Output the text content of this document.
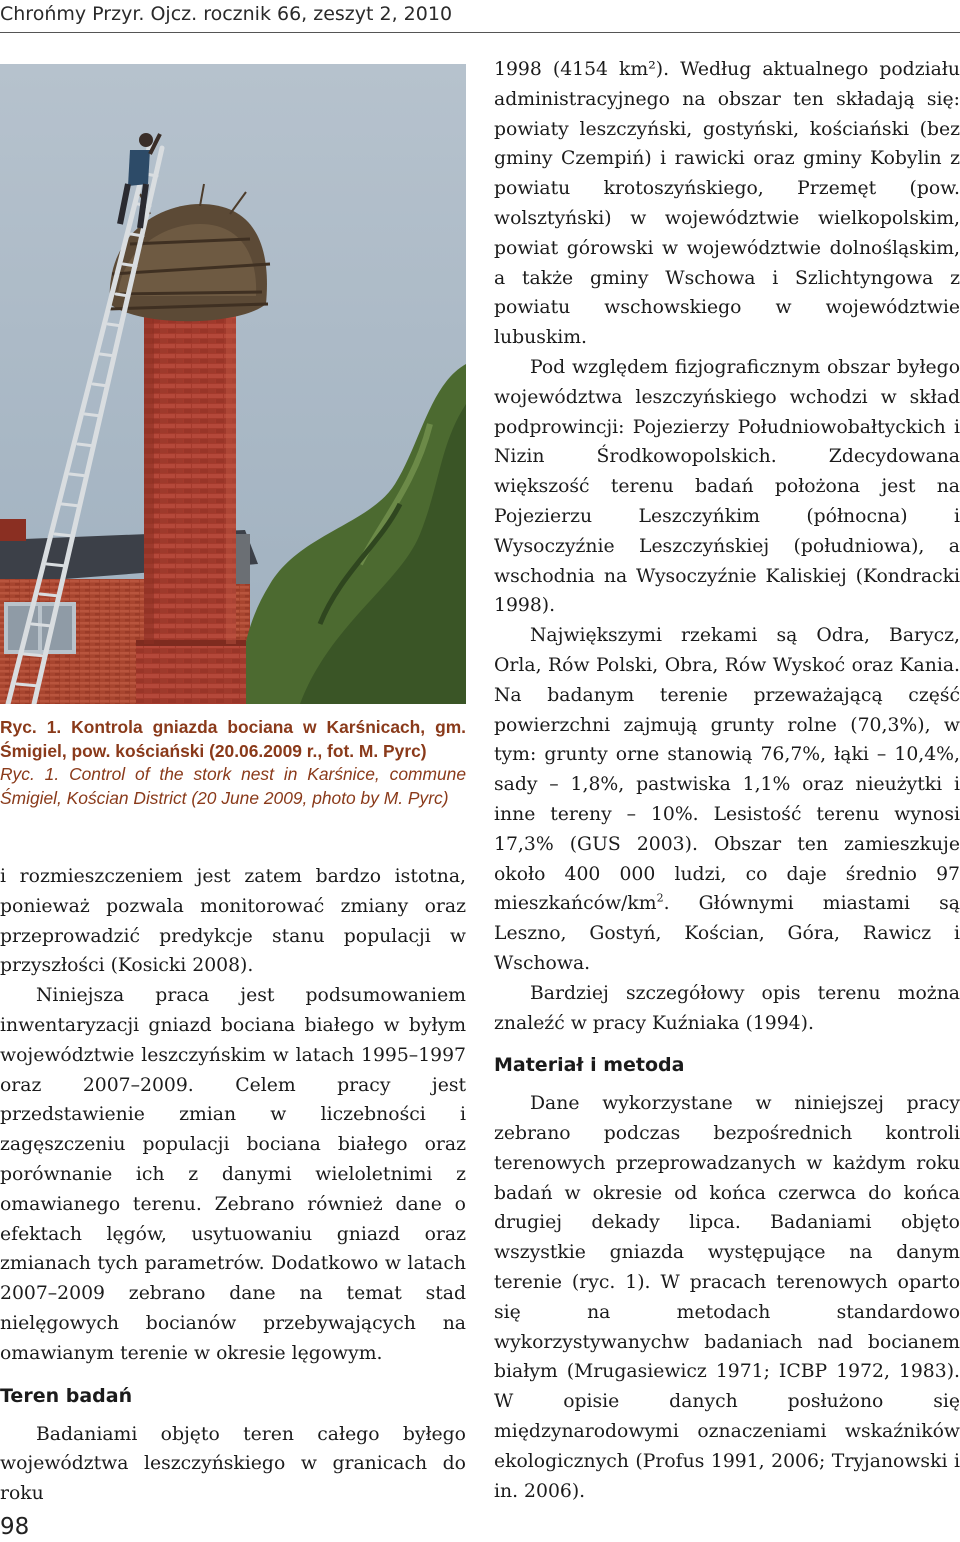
Chrońmy Przyr. Ojcz. rocznik 66, zeszyt 2, 2010
Ryc. 1. Kontrola gniazda bociana w Karśnicach, gm. Śmigiel, pow. kościański (20.06.2009 r., fot. M. Pyrc)
Ryc. 1. Control of the stork nest in Karśnice, commune Śmigiel, Kościan District (20 June 2009, photo by M. Pyrc)

i rozmieszczeniem jest zatem bardzo istotna, ponieważ pozwala monitorować zmiany oraz przeprowadzić predykcje stanu populacji w przyszłości (Kosicki 2008).

Niniejsza praca jest podsumowaniem inwentaryzacji gniazd bociana białego w byłym województwie leszczyńskim w latach 1995–1997 oraz 2007–2009. Celem pracy jest przedstawienie zmian w liczebności i zagęszczeniu populacji bociana białego oraz porównanie ich z danymi wieloletnimi z omawianego terenu. Zebrano również dane o efektach lęgów, usytuowaniu gniazd oraz zmianach tych parametrów. Dodatkowo w latach 2007–2009 zebrano dane na temat stad nielęgowych bocianów przebywających na omawianym terenie w okresie lęgowym.

Teren badań

Badaniami objęto teren całego byłego województwa leszczyńskiego w granicach do roku

1998 (4154 km²). Według aktualnego podziału administracyjnego na obszar ten składają się: powiaty leszczyński, gostyński, kościański (bez gminy Czempiń) i rawicki oraz gminy Kobylin z powiatu krotoszyńskiego, Przemęt (pow. wolsztyński) w województwie wielkopolskim, powiat górowski w województwie dolnośląskim, a także gminy Wschowa i Szlichtyngowa z powiatu wschowskiego w województwie lubuskim.

Pod względem fizjograficznym obszar byłego województwa leszczyńskiego wchodzi w skład podprowincji: Pojezierzy Południowobałtyckich i Nizin Środkowopolskich. Zdecydowana większość terenu badań położona jest na Pojezierzu Leszczyńkim (północna) i Wysoczyźnie Leszczyńskiej (południowa), a wschodnia na Wysoczyźnie Kaliskiej (Kondracki 1998).

Największymi rzekami są Odra, Barycz, Orla, Rów Polski, Obra, Rów Wyskoć oraz Kania. Na badanym terenie przeważającą część powierzchni zajmują grunty rolne (70,3%), w tym: grunty orne stanowią 76,7%, łąki – 10,4%, sady – 1,8%, pastwiska 1,1% oraz nieużytki i inne tereny – 10%. Lesistość terenu wynosi 17,3% (GUS 2003). Obszar ten zamieszkuje około 400 000 ludzi, co daje średnio 97 mieszkańców/$km^2$. Głównymi miastami są Leszno, Gostyń, Kościan, Góra, Rawicz i Wschowa.

Bardziej szczegółowy opis terenu można znaleźć w pracy Kuźniaka (1994).

Materiał i metoda

Dane wykorzystane w niniejszej pracy zebrano podczas bezpośrednich kontroli terenowych przeprowadzanych w każdym roku badań w okresie od końca czerwca do końca drugiej dekady lipca. Badaniami objęto wszystkie gniazda występujące na danym terenie (ryc. 1). W pracach terenowych oparto się na metodach standardowo wykorzystywanychw badaniach nad bocianem białym (Mrugasiewicz 1971; ICBP 1972, 1983). W opisie danych posłużono się międzynarodowymi oznaczeniami wskaźników ekologicznych (Profus 1991, 2006; Tryjanowski i in. 2006).

98
